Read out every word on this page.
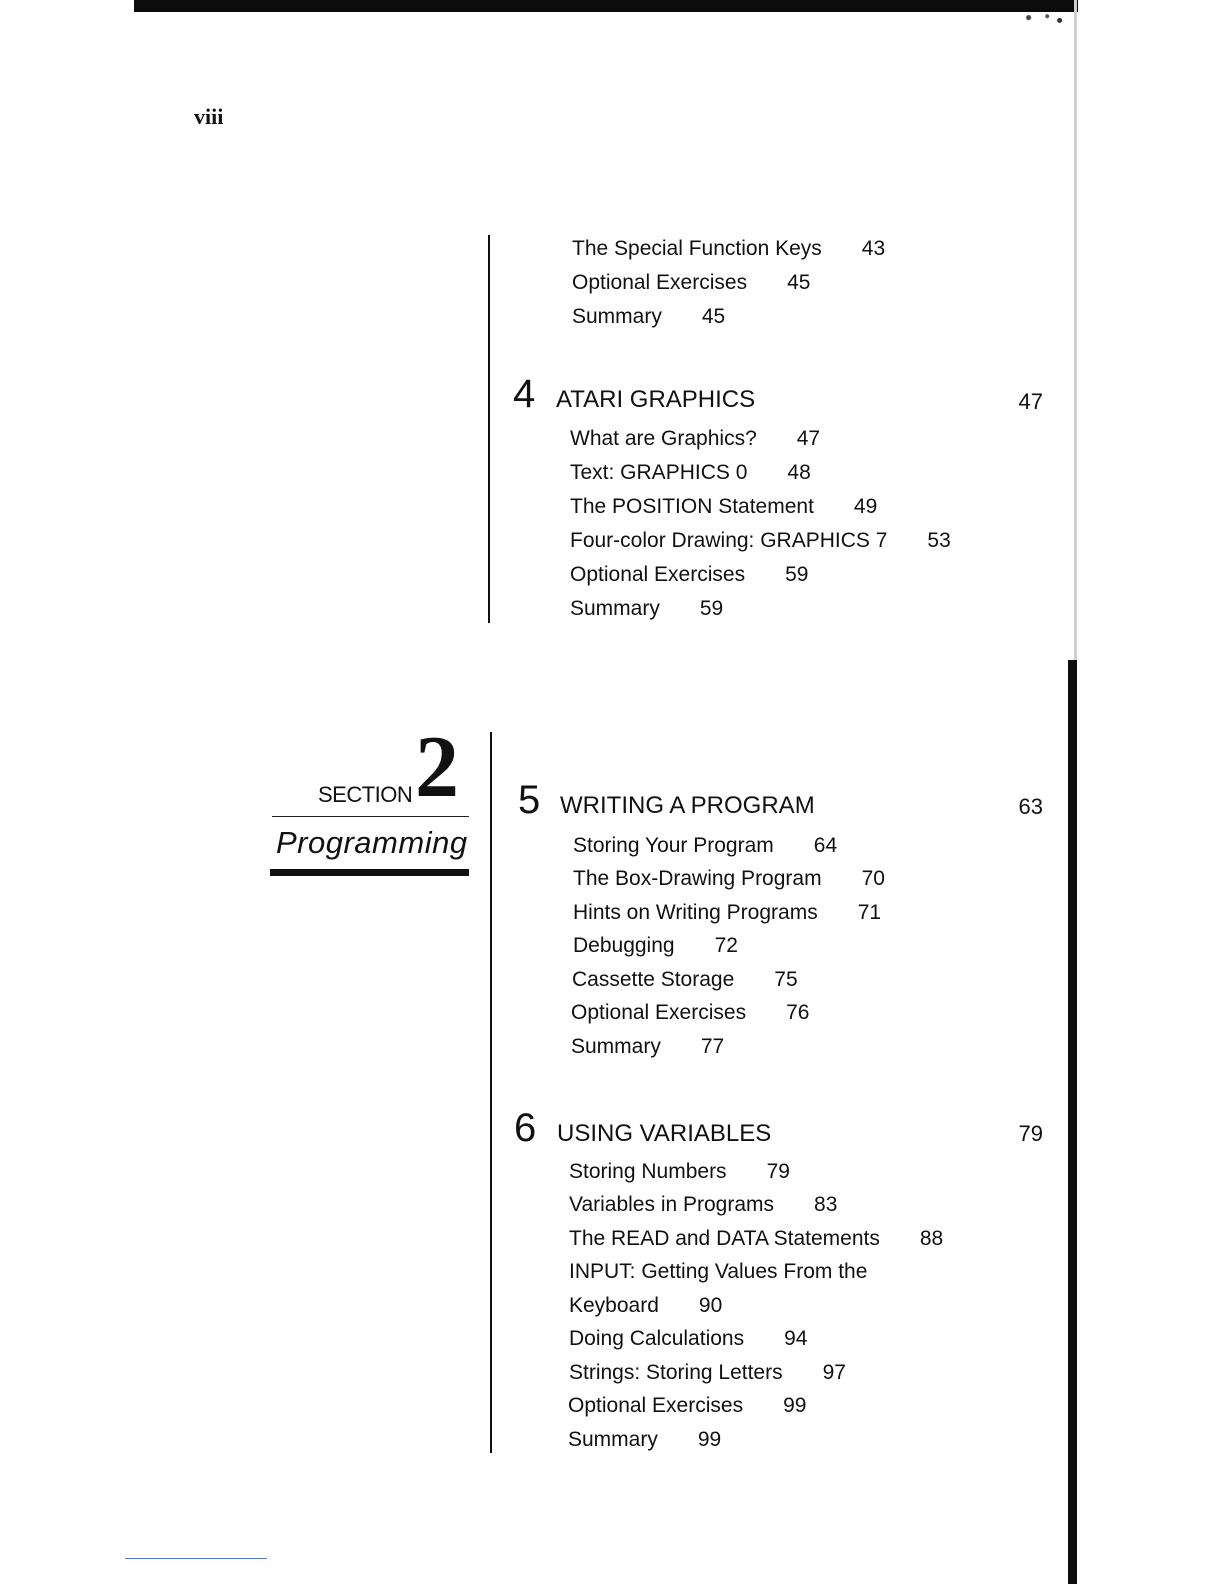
viii
The Special Function Keys 43
Optional Exercises 45
Summary 45
4 ATARI GRAPHICS	47
What are Graphics? 47
Text: GRAPHICS 0 48
The POSITION Statement 49
Four-color Drawing: GRAPHICS 7 53
Optional Exercises 59
Summary 59
SECTION 2
Programming
5 WRITING A PROGRAM	63
Storing Your Program 64
The Box-Drawing Program 70
Hints on Writing Programs 71
Debugging 72
Cassette Storage 75
Optional Exercises 76
Summary 77
6 USING VARIABLES	79
Storing Numbers 79
Variables in Programs 83
The READ and DATA Statements 88
INPUT: Getting Values From the
Keyboard 90
Doing Calculations 94
Strings: Storing Letters 97
Optional Exercises 99
Summary 99
